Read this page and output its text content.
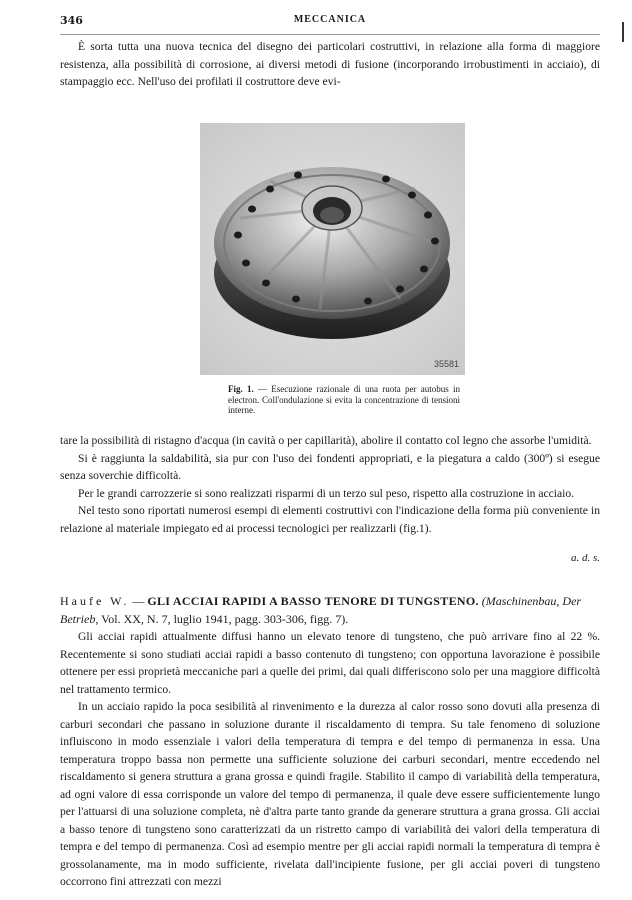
346	MECCANICA

È sorta tutta una nuova tecnica del disegno dei particolari costruttivi, in relazione alla forma di maggiore resistenza, alla possibilità di corrosione, ai diversi metodi di fusione (incorporando irrobustimenti in acciaio), di stampaggio ecc. Nell'uso dei profilati il costruttore deve evi-

35581
Fig. 1. — Esecuzione razionale di una ruota per autobus in electron. Coll'ondulazione si evita la concentrazione di tensioni interne.

tare la possibilità di ristagno d'acqua (in cavità o per capillarità), abolire il contatto col legno che assorbe l'umidità.

Si è raggiunta la saldabilità, sia pur con l'uso dei fondenti appropriati, e la piegatura a caldo (300º) si esegue senza soverchie difficoltà.

Per le grandi carrozzerie si sono realizzati risparmi di un terzo sul peso, rispetto alla costruzione in acciaio.

Nel testo sono riportati numerosi esempi di elementi costruttivi con l'indicazione della forma più conveniente in relazione al materiale impiegato ed ai processi tecnologici per realizzarli (fig.1).

a. d. s.
Haufe W. — GLI ACCIAI RAPIDI A BASSO TENORE DI TUNGSTENO. (Maschinenbau, Der Betrieb, Vol. XX, N. 7, luglio 1941, pagg. 303-306, figg. 7).

Gli acciai rapidi attualmente diffusi hanno un elevato tenore di tungsteno, che può arrivare fino al 22 %. Recentemente si sono studiati acciai rapidi a basso contenuto di tungsteno; con opportuna lavorazione è possibile ottenere per essi proprietà meccaniche pari a quelle dei primi, dai quali differiscono solo per una maggiore difficoltà nel trattamento termico.

In un acciaio rapido la poca sesibilità al rinvenimento e la durezza al calor rosso sono dovuti alla presenza di carburi secondari che passano in soluzione durante il riscaldamento di tempra. Su tale fenomeno di soluzione influiscono in modo essenziale i valori della temperatura di tempra e del tempo di permanenza in essa. Una temperatura troppo bassa non permette una sufficiente soluzione dei carburi secondari, mentre eccedendo nel riscaldamento si genera struttura a grana grossa e quindi fragile. Stabilito il campo di variabilità della temperatura, ad ogni valore di essa corrisponde un valore del tempo di permanenza, il quale deve essere sufficientemente lungo per l'attuarsi di una soluzione completa, nè d'altra parte tanto grande da generare struttura a grana grossa. Gli acciai a basso tenore di tungsteno sono caratterizzati da un ristretto campo di variabilità dei valori della temperatura di tempra e del tempo di permanenza. Così ad esempio mentre per gli acciai rapidi normali la temperatura di tempra è grossolanamente, ma in modo sufficiente, rivelata dall'incipiente fusione, per gli acciai poveri di tungsteno occorrono fini attrezzati con mezzi
